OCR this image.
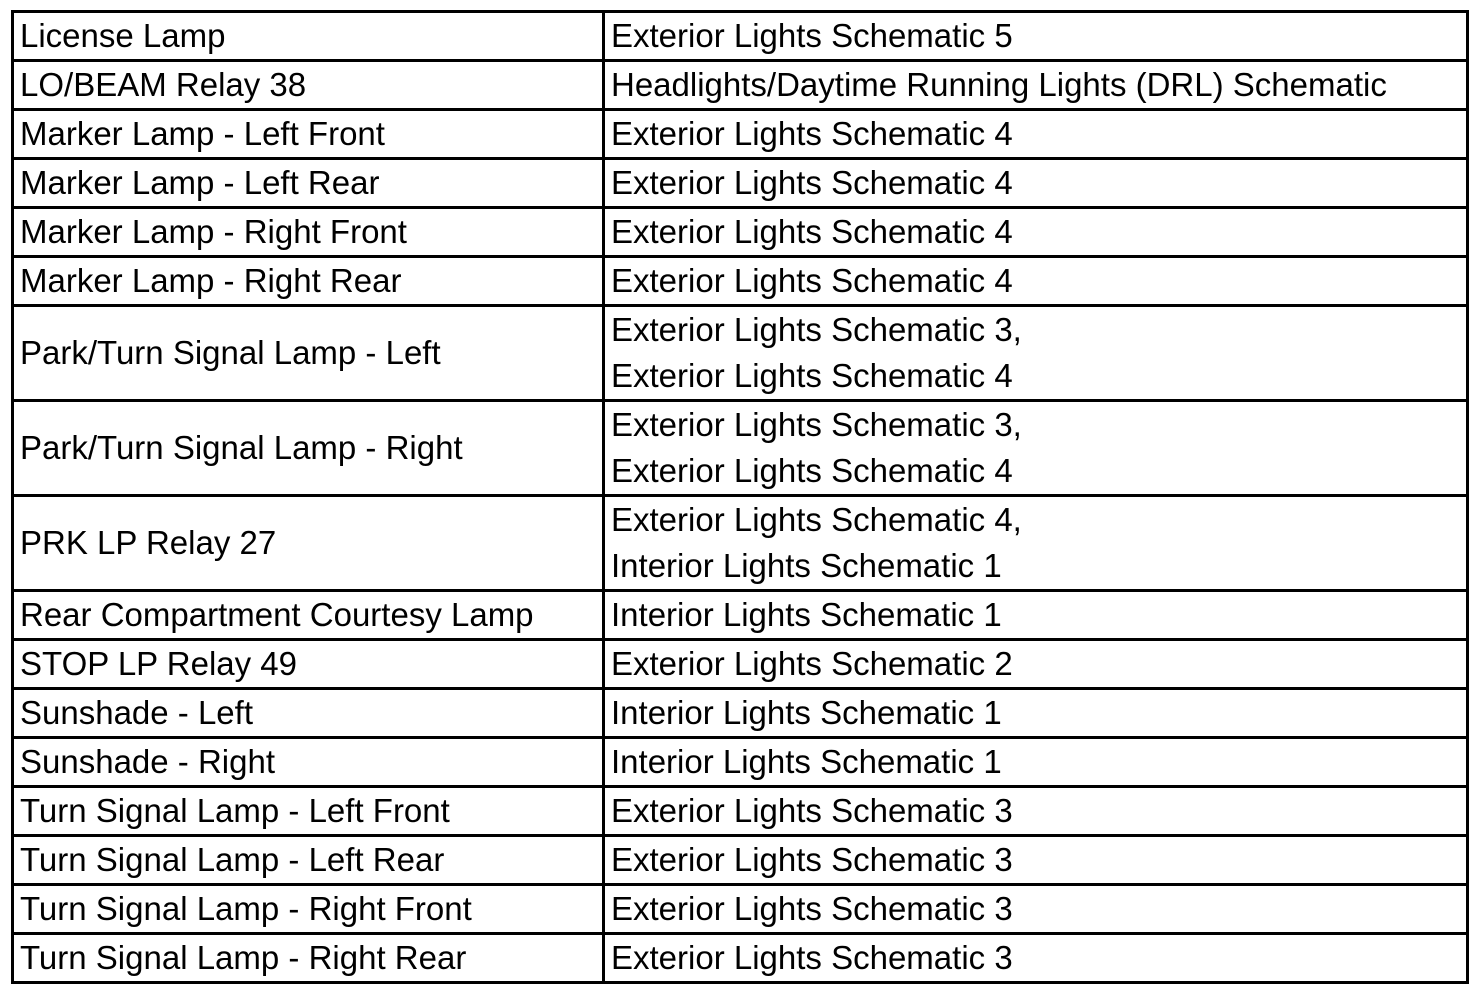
License Lamp	Exterior Lights Schematic 5

LO/BEAM Relay 38	Headlights/Daytime Running Lights (DRL) Schematic

Marker Lamp - Left Front	Exterior Lights Schematic 4

Marker Lamp - Left Rear	Exterior Lights Schematic 4

Marker Lamp - Right Front	Exterior Lights Schematic 4

Marker Lamp - Right Rear	Exterior Lights Schematic 4

Park/Turn Signal Lamp - Left	Exterior Lights Schematic 3,
Exterior Lights Schematic 4

Park/Turn Signal Lamp - Right	Exterior Lights Schematic 3,
Exterior Lights Schematic 4

PRK LP Relay 27	Exterior Lights Schematic 4,
Interior Lights Schematic 1

Rear Compartment Courtesy Lamp	Interior Lights Schematic 1

STOP LP Relay 49	Exterior Lights Schematic 2

Sunshade - Left	Interior Lights Schematic 1

Sunshade - Right	Interior Lights Schematic 1

Turn Signal Lamp - Left Front	Exterior Lights Schematic 3

Turn Signal Lamp - Left Rear	Exterior Lights Schematic 3

Turn Signal Lamp - Right Front	Exterior Lights Schematic 3

Turn Signal Lamp - Right Rear	Exterior Lights Schematic 3
